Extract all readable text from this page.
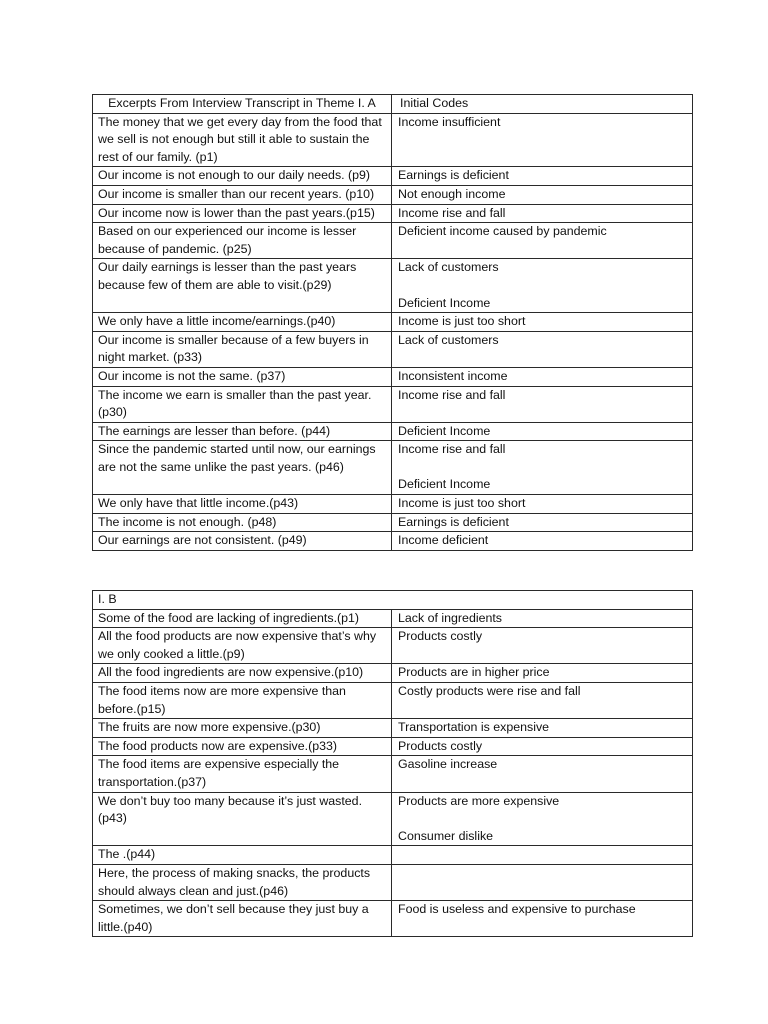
Excerpts From Interview Transcript in Theme I. A	Initial Codes
The money that we get every day from the food that we sell is not enough but still it able to sustain the rest of our family. (p1)	Income insufficient

Our income is not enough to our daily needs. (p9)	Earnings is deficient

Our income is smaller than our recent years. (p10)	Not enough income

Our income now is lower than the past years.(p15)	Income rise and fall

Based on our experienced our income is lesser because of pandemic. (p25)	Deficient income caused by pandemic

Our daily earnings is lesser than the past years because few of them are able to visit.(p29)	Lack of customers
Deficient Income

We only have a little income/earnings.(p40)	Income is just too short

Our income is smaller because of a few buyers in night market. (p33)	Lack of customers

Our income is not the same. (p37)	Inconsistent income

The income we earn is smaller than the past year.(p30)	Income rise and fall

The earnings are lesser than before. (p44)	Deficient Income

Since the pandemic started until now, our earnings are not the same unlike the past years. (p46)	Income rise and fall
Deficient Income

We only have that little income.(p43)	Income is just too short

The income is not enough. (p48)	Earnings is deficient

Our earnings are not consistent. (p49)	Income deficient
I. B	
Some of the food are lacking of ingredients.(p1)	Lack of ingredients

All the food products are now expensive that’s why we only cooked a little.(p9)	Products costly

All the food ingredients are now expensive.(p10)	Products are in higher price

The food items now are more expensive than before.(p15)	Costly products were rise and fall

The fruits are now more expensive.(p30)	Transportation is expensive

The food products now are expensive.(p33)	Products costly

The food items are expensive especially the transportation.(p37)	Gasoline increase

We don’t buy too many because it’s just wasted.(p43)	Products are more expensive
Consumer dislike

The .(p44)	
Here, the process of making snacks, the products should always clean and just.(p46)	
Sometimes, we don’t sell because they just buy a little.(p40)	Food is useless and expensive to purchase
